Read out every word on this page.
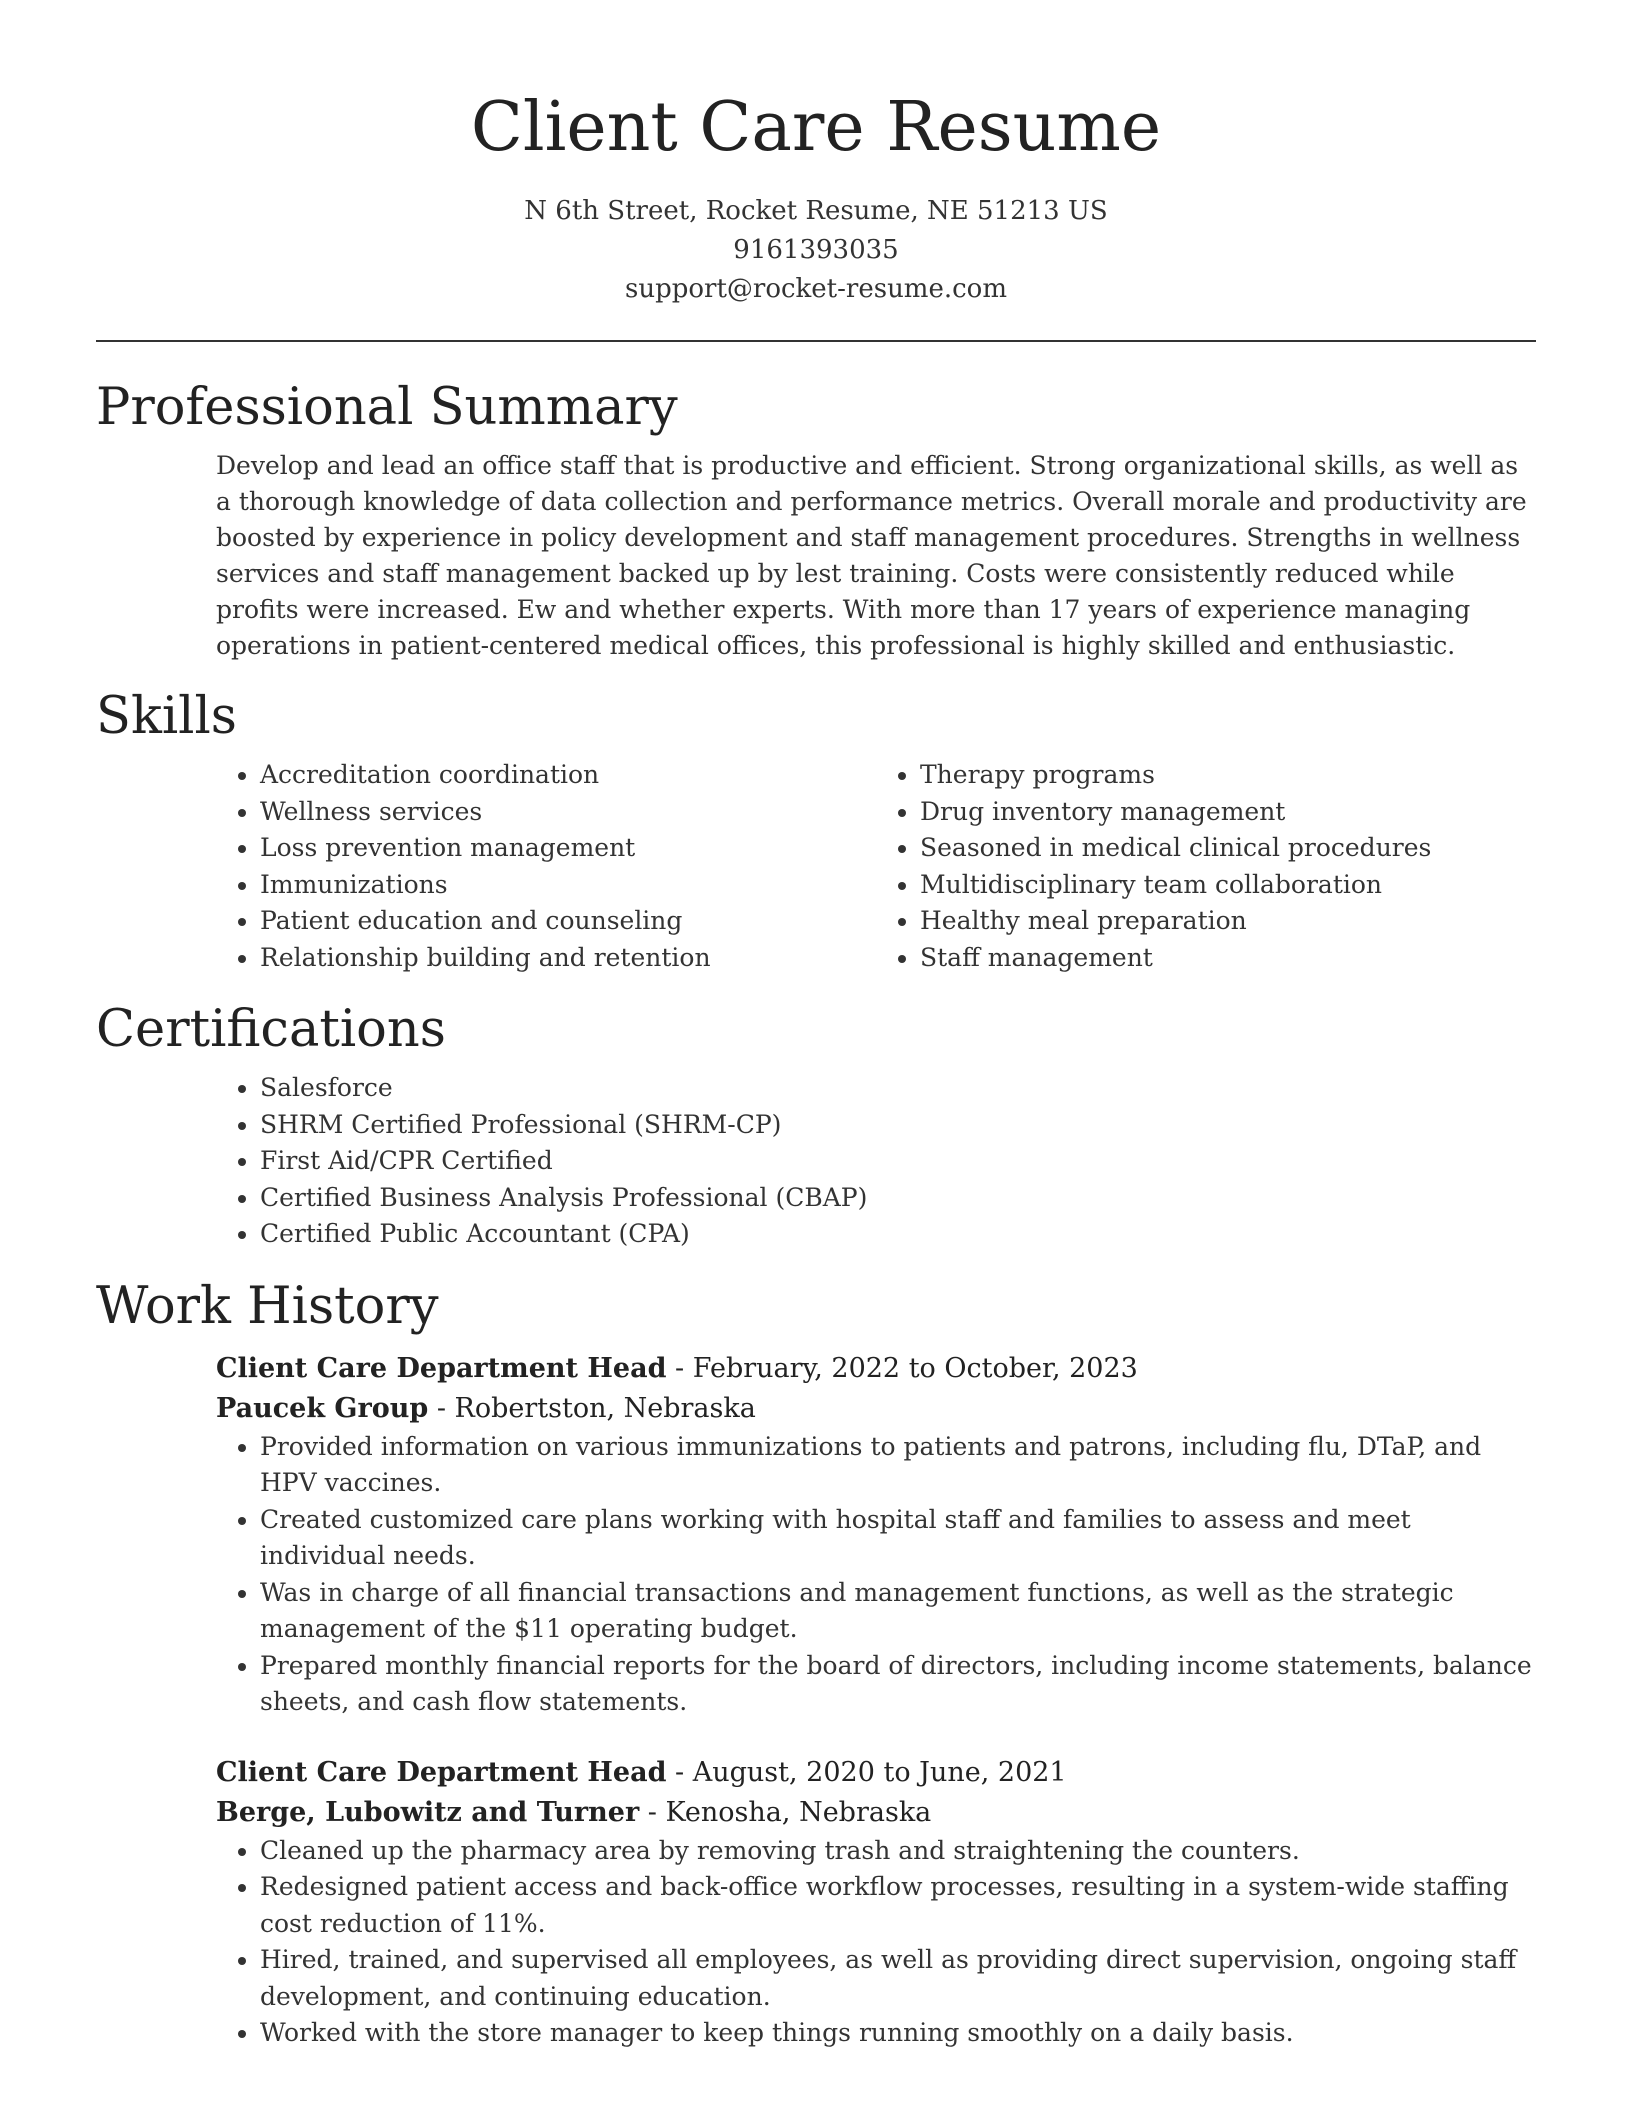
Client Care Resume
N 6th Street, Rocket Resume, NE 51213 US
9161393035
support@rocket-resume.com
Professional Summary

Develop and lead an office staff that is productive and efficient. Strong organizational skills, as well as a thorough knowledge of data collection and performance metrics. Overall morale and productivity are boosted by experience in policy development and staff management procedures. Strengths in wellness services and staff management backed up by lest training. Costs were consistently reduced while profits were increased. Ew and whether experts. With more than 17 years of experience managing operations in patient-centered medical offices, this professional is highly skilled and enthusiastic.

Skills
• Accreditation coordination
• Wellness services
• Loss prevention management
• Immunizations
• Patient education and counseling
• Relationship building and retention
• Therapy programs
• Drug inventory management
• Seasoned in medical clinical procedures
• Multidisciplinary team collaboration
• Healthy meal preparation
• Staff management
Certifications
• Salesforce
• SHRM Certified Professional (SHRM-CP)
• First Aid/CPR Certified
• Certified Business Analysis Professional (CBAP)
• Certified Public Accountant (CPA)
Work History
Client Care Department Head - February, 2022 to October, 2023
Paucek Group - Robertston, Nebraska
• Provided information on various immunizations to patients and patrons, including flu, DTaP, and HPV vaccines.
• Created customized care plans working with hospital staff and families to assess and meet individual needs.
• Was in charge of all financial transactions and management functions, as well as the strategic management of the $11 operating budget.
• Prepared monthly financial reports for the board of directors, including income statements, balance sheets, and cash flow statements.
Client Care Department Head - August, 2020 to June, 2021
Berge, Lubowitz and Turner - Kenosha, Nebraska
• Cleaned up the pharmacy area by removing trash and straightening the counters.
• Redesigned patient access and back-office workflow processes, resulting in a system-wide staffing cost reduction of 11%.
• Hired, trained, and supervised all employees, as well as providing direct supervision, ongoing staff development, and continuing education.
• Worked with the store manager to keep things running smoothly on a daily basis.
